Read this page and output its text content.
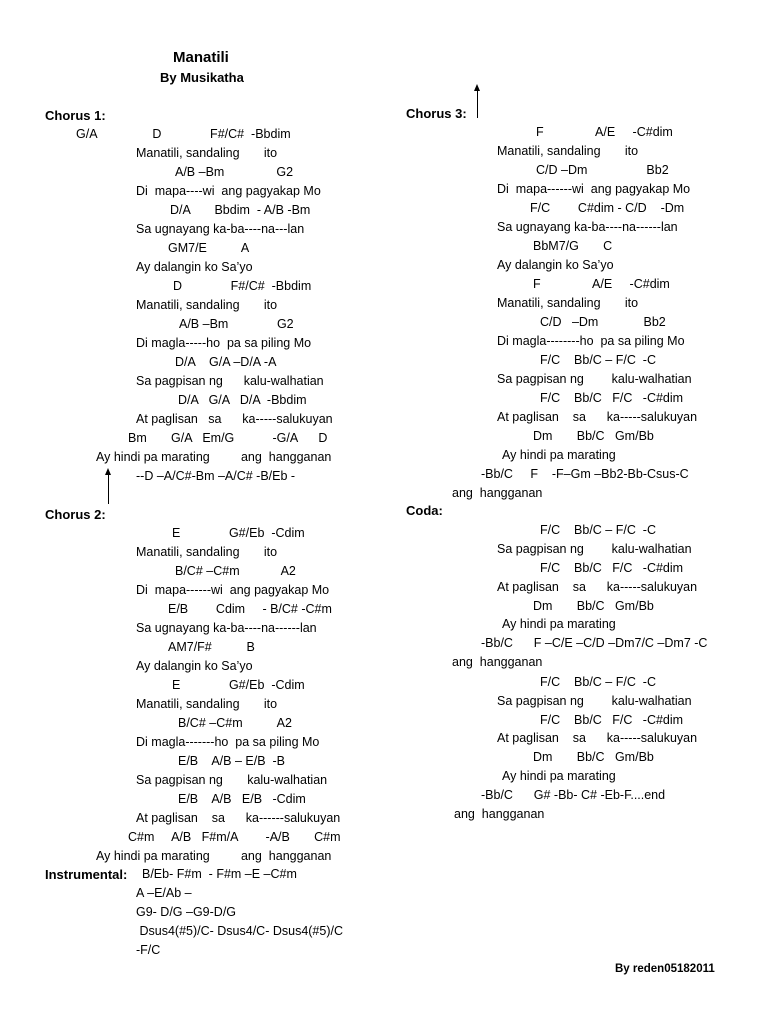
Manatili
By Musikatha
Chorus 1:
G/A                D              F#/C#  -Bbdim
Manatili, sandaling       ito
A/B –Bm               G2
Di  mapa----wi  ang pagyakap Mo
D/A       Bbdim  - A/B -Bm
Sa ugnayang ka-ba----na---lan
GM7/E          A
Ay dalangin ko Sa’yo
D              F#/C#  -Bbdim
Manatili, sandaling       ito
A/B –Bm              G2
Di magla-----ho  pa sa piling Mo
D/A    G/A –D/A -A
Sa pagpisan ng      kalu-walhatian
D/A   G/A   D/A  -Bbdim
At paglisan   sa      ka-----salukuyan
Bm       G/A   Em/G           -G/A      D
Ay hindi pa marating         ang  hangganan
--D –A/C#-Bm –A/C# -B/Eb -
Chorus 2:
E              G#/Eb  -Cdim
Manatili, sandaling       ito
B/C# –C#m            A2
Di  mapa------wi  ang pagyakap Mo
E/B        Cdim     - B/C# -C#m
Sa ugnayang ka-ba----na------lan
AM7/F#          B
Ay dalangin ko Sa’yo
E              G#/Eb  -Cdim
Manatili, sandaling       ito
B/C# –C#m          A2
Di magla-------ho  pa sa piling Mo
E/B    A/B – E/B  -B
Sa pagpisan ng       kalu-walhatian
E/B    A/B   E/B   -Cdim
At paglisan    sa      ka------salukuyan
C#m     A/B   F#m/A        -A/B       C#m
Ay hindi pa marating         ang  hangganan
Instrumental: B/Eb- F#m  - F#m –E –C#m
A –E/Ab –
G9- D/G –G9-D/G
Dsus4(#5)/C- Dsus4/C- Dsus4(#5)/C
-F/C
Chorus 3:
F               A/E     -C#dim
Manatili, sandaling       ito
C/D –Dm                 Bb2
Di  mapa------wi  ang pagyakap Mo
F/C        C#dim - C/D    -Dm
Sa ugnayang ka-ba----na------lan
BbM7/G       C
Ay dalangin ko Sa’yo
F               A/E     -C#dim
Manatili, sandaling       ito
C/D   –Dm             Bb2
Di magla--------ho  pa sa piling Mo
F/C    Bb/C – F/C  -C
Sa pagpisan ng        kalu-walhatian
F/C    Bb/C   F/C   -C#dim
At paglisan    sa      ka-----salukuyan
Dm       Bb/C   Gm/Bb
Ay hindi pa marating
-Bb/C     F    -F–Gm –Bb2-Bb-Csus-C
ang  hangganan
Coda:
F/C    Bb/C – F/C  -C
Sa pagpisan ng        kalu-walhatian
F/C    Bb/C   F/C   -C#dim
At paglisan    sa      ka-----salukuyan
Dm       Bb/C   Gm/Bb
Ay hindi pa marating
-Bb/C      F –C/E –C/D –Dm7/C –Dm7 -C
ang  hangganan
F/C    Bb/C – F/C  -C
Sa pagpisan ng        kalu-walhatian
F/C    Bb/C   F/C   -C#dim
At paglisan    sa      ka-----salukuyan
Dm       Bb/C   Gm/Bb
Ay hindi pa marating
-Bb/C      G# -Bb- C# -Eb-F....end
ang  hangganan
By reden05182011
